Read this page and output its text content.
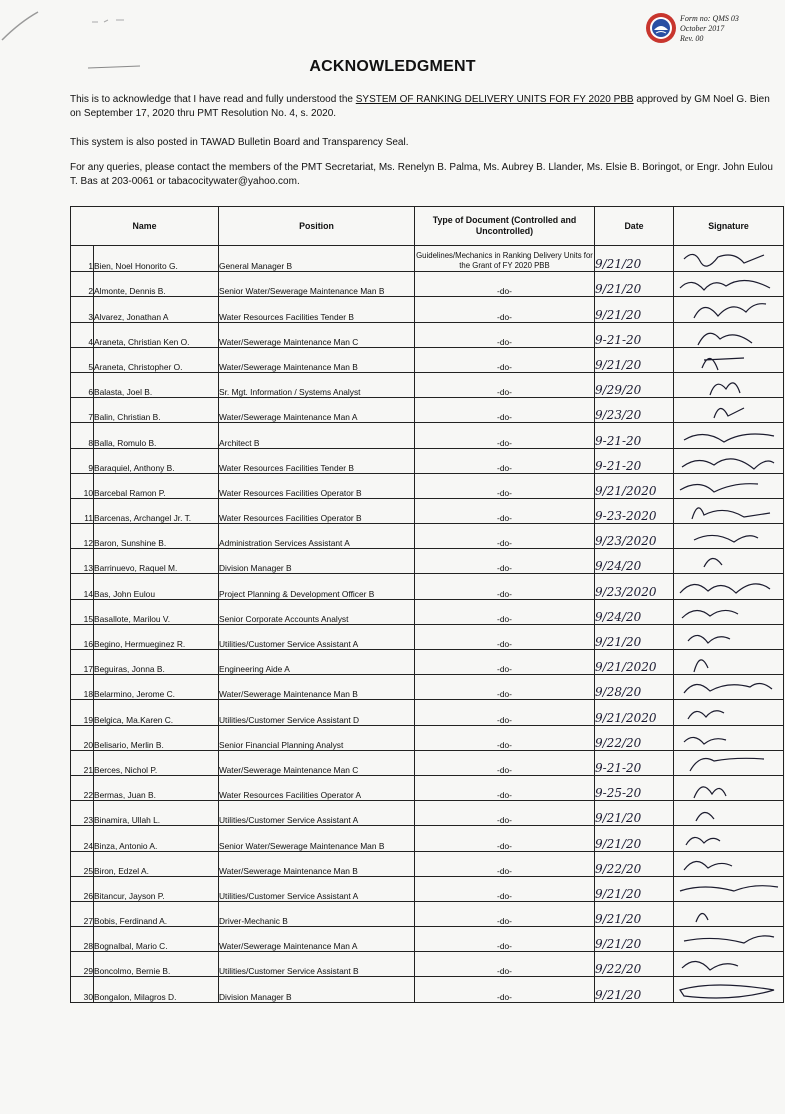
Form no: QMS 03
October 2017
Rev. 00
ACKNOWLEDGMENT
This is to acknowledge that I have read and fully understood the SYSTEM OF RANKING DELIVERY UNITS FOR FY 2020 PBB approved by GM Noel G. Bien on September 17, 2020 thru PMT Resolution No. 4, s. 2020.
This system is also posted in TAWAD Bulletin Board and Transparency Seal.
For any queries, please contact the members of the PMT Secretariat, Ms. Renelyn B. Palma, Ms. Aubrey B. Llander, Ms. Elsie B. Boringot, or Engr. John Eulou T. Bas at 203-0061 or tabacocitywater@yahoo.com.
Name		Position	Type of Document (Controlled and Uncontrolled)	Date	Signature
1	Bien, Noel Honorito G.	General Manager B	Guidelines/Mechanics in Ranking Delivery Units for the Grant of FY 2020 PBB	9/21/20	

2	Almonte, Dennis B.	Senior Water/Sewerage Maintenance Man B	-do-	9/21/20	

3	Alvarez, Jonathan A	Water Resources Facilities Tender B	-do-	9/21/20	

4	Araneta, Christian Ken O.	Water/Sewerage Maintenance Man C	-do-	9-21-20	

5	Araneta, Christopher O.	Water/Sewerage Maintenance Man B	-do-	9/21/20	

6	Balasta, Joel B.	Sr. Mgt. Information / Systems Analyst	-do-	9/29/20	

7	Balin, Christian B.	Water/Sewerage Maintenance Man A	-do-	9/23/20	

8	Balla, Romulo B.	Architect B	-do-	9-21-20	

9	Baraquiel, Anthony B.	Water Resources Facilities Tender B	-do-	9-21-20	

10	Barcebal Ramon P.	Water Resources Facilities Operator B	-do-	9/21/2020	

11	Barcenas, Archangel Jr. T.	Water Resources Facilities Operator B	-do-	9-23-2020	

12	Baron, Sunshine B.	Administration Services Assistant A	-do-	9/23/2020	

13	Barrinuevo, Raquel M.	Division Manager B	-do-	9/24/20	

14	Bas, John Eulou	Project Planning & Development Officer B	-do-	9/23/2020	

15	Basallote, Marilou V.	Senior Corporate Accounts Analyst	-do-	9/24/20	

16	Begino, Hermueginez R.	Utilities/Customer Service Assistant A	-do-	9/21/20	

17	Beguiras, Jonna B.	Engineering Aide A	-do-	9/21/2020	

18	Belarmino, Jerome C.	Water/Sewerage Maintenance Man B	-do-	9/28/20	

19	Belgica, Ma.Karen C.	Utilities/Customer Service Assistant D	-do-	9/21/2020	

20	Belisario, Merlin B.	Senior Financial Planning Analyst	-do-	9/22/20	

21	Berces, Nichol P.	Water/Sewerage Maintenance Man C	-do-	9-21-20	

22	Bermas, Juan B.	Water Resources Facilities Operator A	-do-	9-25-20	

23	Binamira, Ullah L.	Utilities/Customer Service Assistant A	-do-	9/21/20	

24	Binza, Antonio A.	Senior Water/Sewerage Maintenance Man B	-do-	9/21/20	

25	Biron, Edzel A.	Water/Sewerage Maintenance Man B	-do-	9/22/20	

26	Bitancur, Jayson P.	Utilities/Customer Service Assistant A	-do-	9/21/20	

27	Bobis, Ferdinand A.	Driver-Mechanic B	-do-	9/21/20	

28	Bognalbal, Mario C.	Water/Sewerage Maintenance Man A	-do-	9/21/20	

29	Boncolmo, Bernie B.	Utilities/Customer Service Assistant B	-do-	9/22/20	

30	Bongalon, Milagros D.	Division Manager B	-do-	9/21/20	
